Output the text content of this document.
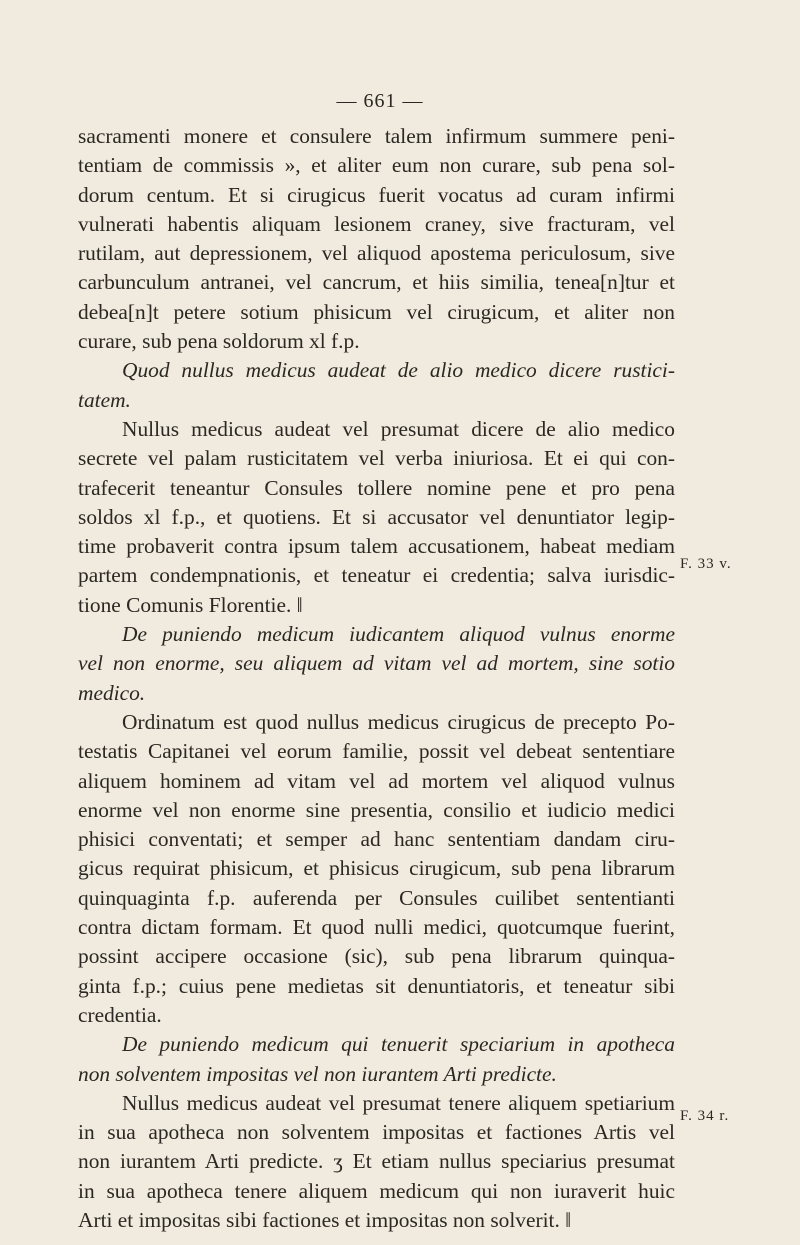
— 661 —
sacramenti monere et consulere talem infirmum summere peni-
tentiam de commissis », et aliter eum non curare, sub pena sol-
dorum centum. Et si cirugicus fuerit vocatus ad curam infirmi
vulnerati habentis aliquam lesionem craney, sive fracturam, vel
rutilam, aut depressionem, vel aliquod apostema periculosum, sive
carbunculum antranei, vel cancrum, et hiis similia, tenea[n]tur et
debea[n]t petere sotium phisicum vel cirugicum, et aliter non
curare, sub pena soldorum xl f.p.
Quod nullus medicus audeat de alio medico dicere rustici-
tatem.
Nullus medicus audeat vel presumat dicere de alio medico
secrete vel palam rusticitatem vel verba iniuriosa. Et ei qui con-
trafecerit teneantur Consules tollere nomine pene et pro pena
soldos xl f.p., et quotiens. Et si accusator vel denuntiator legip-
time probaverit contra ipsum talem accusationem, habeat mediam
partem condempnationis, et teneatur ei credentia; salva iurisdic-
tione Comunis Florentie. ‖
De puniendo medicum iudicantem aliquod vulnus enorme
vel non enorme, seu aliquem ad vitam vel ad mortem, sine sotio
medico.
Ordinatum est quod nullus medicus cirugicus de precepto Po-
testatis Capitanei vel eorum familie, possit vel debeat sententiare
aliquem hominem ad vitam vel ad mortem vel aliquod vulnus
enorme vel non enorme sine presentia, consilio et iudicio medici
phisici conventati; et semper ad hanc sententiam dandam ciru-
gicus requirat phisicum, et phisicus cirugicum, sub pena librarum
quinquaginta f.p. auferenda per Consules cuilibet sententianti
contra dictam formam. Et quod nulli medici, quotcumque fuerint,
possint accipere occasione (sic), sub pena librarum quinqua-
ginta f.p.; cuius pene medietas sit denuntiatoris, et teneatur sibi
credentia.
De puniendo medicum qui tenuerit speciarium in apotheca
non solventem impositas vel non iurantem Arti predicte.
Nullus medicus audeat vel presumat tenere aliquem spetiarium
in sua apotheca non solventem impositas et factiones Artis vel
non iurantem Arti predicte. ʒ Et etiam nullus speciarius presumat
in sua apotheca tenere aliquem medicum qui non iuraverit huic
Arti et impositas sibi factiones et impositas non solverit. ‖
F. 33 v.
F. 34 r.
